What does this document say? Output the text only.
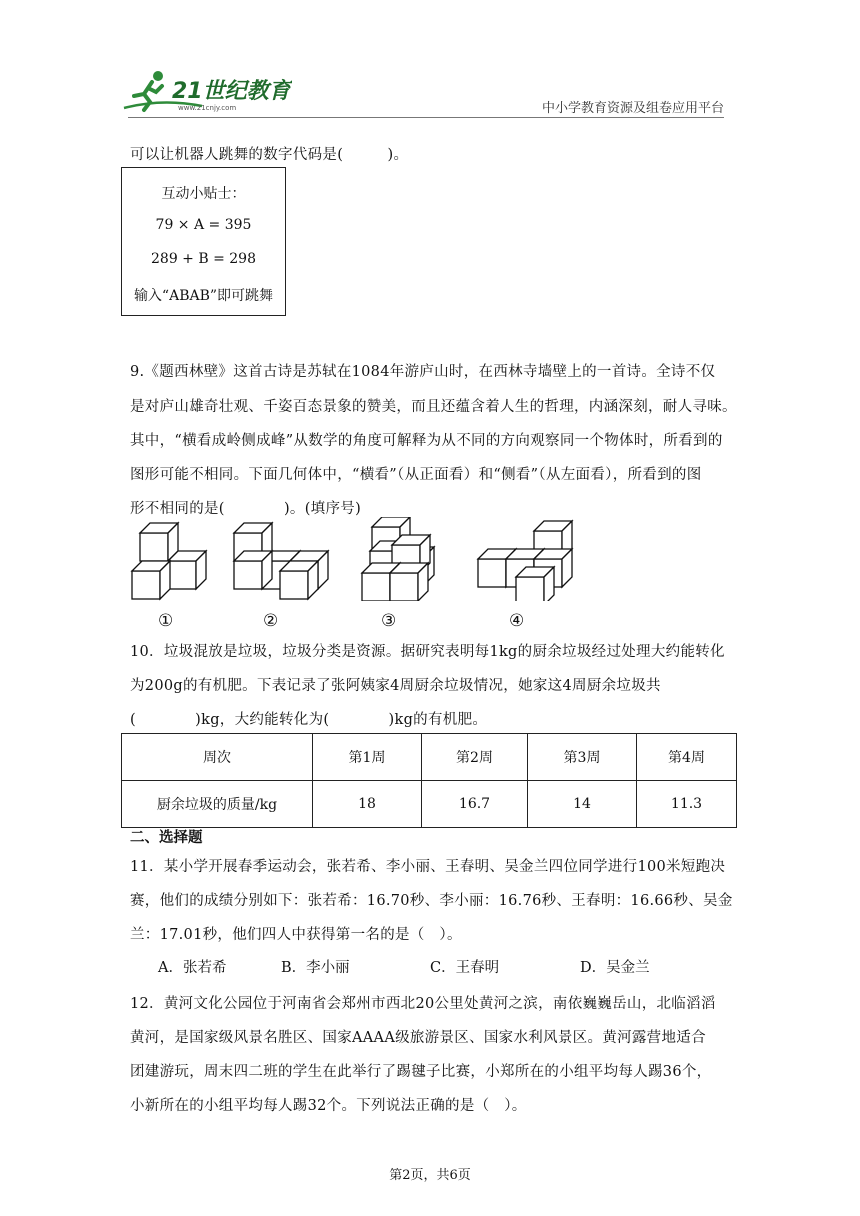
21世纪教育
www.21cnjy.com	中小学教育资源及组卷应用平台
可以让机器人跳舞的数字代码是(　　　)。
互动小贴士：
79 × A = 395
289 + B = 298
输入“ABAB”即可跳舞
9.《题西林壁》这首古诗是苏轼在1084年游庐山时，在西林寺墙壁上的一首诗。全诗不仅
是对庐山雄奇壮观、千姿百态景象的赞美，而且还蕴含着人生的哲理，内涵深刻，耐人寻味。
其中，“横看成岭侧成峰”从数学的角度可解释为从不同的方向观察同一个物体时，所看到的
图形可能不相同。下面几何体中，“横看”（从正面看）和“侧看”（从左面看），所看到的图
形不相同的是(　　　　)。(填序号)
①	②	③	④
10．垃圾混放是垃圾，垃圾分类是资源。据研究表明每1kg的厨余垃圾经过处理大约能转化
为200g的有机肥。下表记录了张阿姨家4周厨余垃圾情况，她家这4周厨余垃圾共
(　　　　)kg，大约能转化为(　　　　)kg的有机肥。
周次	第1周	第2周	第3周	第4周
厨余垃圾的质量/kg	18	16.7	14	11.3
二、选择题
11．某小学开展春季运动会，张若希、李小丽、王春明、吴金兰四位同学进行100米短跑决
赛，他们的成绩分别如下：张若希：16.70秒、李小丽：16.76秒、王春明：16.66秒、吴金
兰：17.01秒，他们四人中获得第一名的是（　）。
A．张若希	B．李小丽	C．王春明	D．吴金兰
12．黄河文化公园位于河南省会郑州市西北20公里处黄河之滨，南依巍巍岳山，北临滔滔
黄河，是国家级风景名胜区、国家AAAA级旅游景区、国家水利风景区。黄河露营地适合
团建游玩，周末四二班的学生在此举行了踢毽子比赛，小郑所在的小组平均每人踢36个，
小新所在的小组平均每人踢32个。下列说法正确的是（　）。
第2页，共6页
